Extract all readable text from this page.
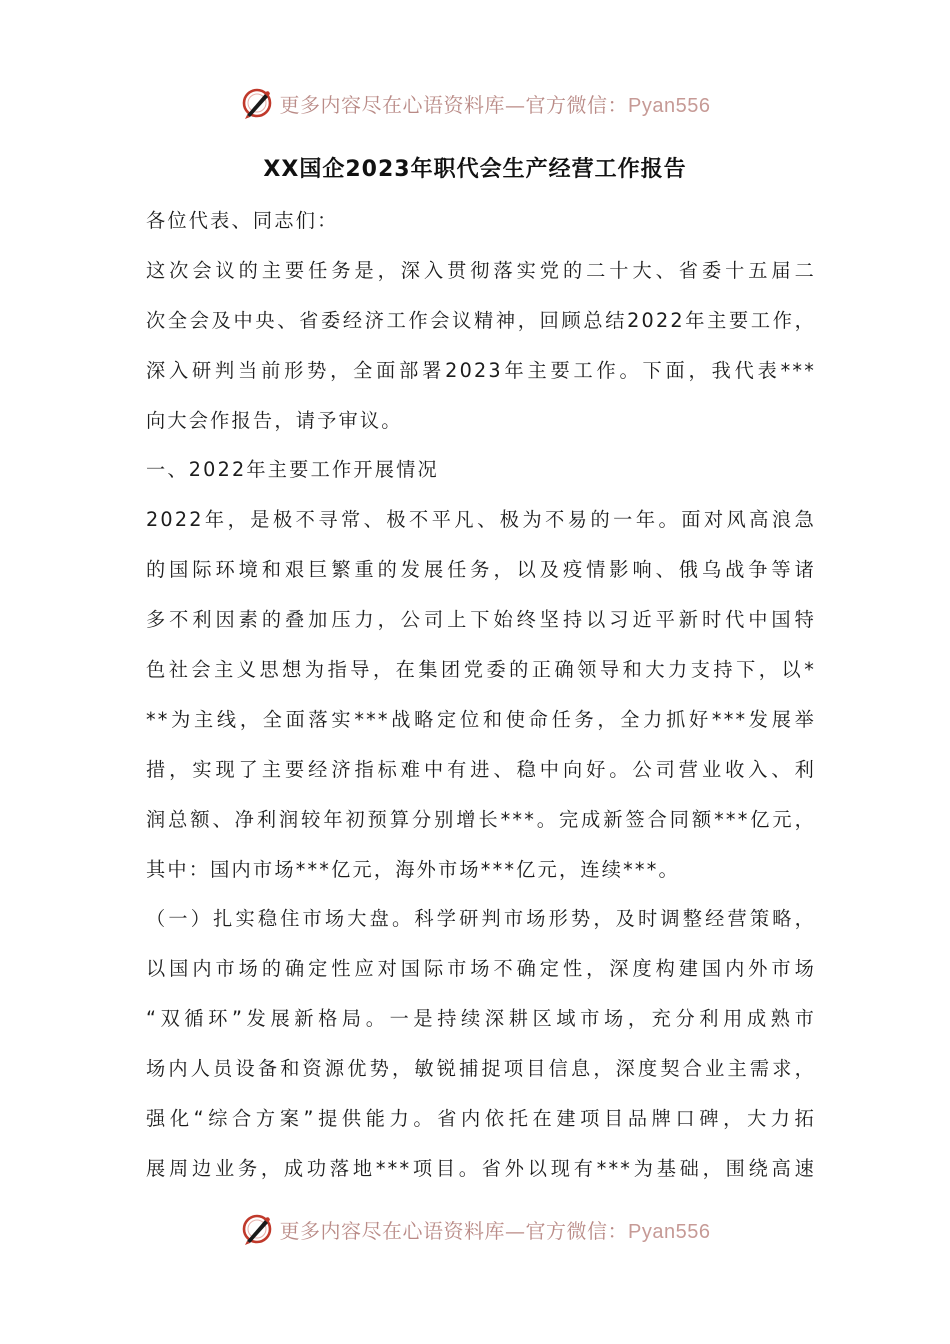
更多内容尽在心语资料库—官方微信：Pyan556
XX国企2023年职代会生产经营工作报告
各位代表、同志们：
这次会议的主要任务是，深入贯彻落实党的二十大、省委十五届二
次全会及中央、省委经济工作会议精神，回顾总结2022年主要工作，
深入研判当前形势，全面部署2023年主要工作。下面，我代表***
向大会作报告，请予审议。
一、2022年主要工作开展情况
2022年，是极不寻常、极不平凡、极为不易的一年。面对风高浪急
的国际环境和艰巨繁重的发展任务，以及疫情影响、俄乌战争等诸
多不利因素的叠加压力，公司上下始终坚持以习近平新时代中国特
色社会主义思想为指导，在集团党委的正确领导和大力支持下，以*
**为主线，全面落实***战略定位和使命任务，全力抓好***发展举
措，实现了主要经济指标难中有进、稳中向好。公司营业收入、利
润总额、净利润较年初预算分别增长***。完成新签合同额***亿元，
其中：国内市场***亿元，海外市场***亿元，连续***。
（一）扎实稳住市场大盘。科学研判市场形势，及时调整经营策略，
以国内市场的确定性应对国际市场不确定性，深度构建国内外市场
“双循环”发展新格局。一是持续深耕区域市场，充分利用成熟市
场内人员设备和资源优势，敏锐捕捉项目信息，深度契合业主需求，
强化“综合方案”提供能力。省内依托在建项目品牌口碑，大力拓
展周边业务，成功落地***项目。省外以现有***为基础，围绕高速
更多内容尽在心语资料库—官方微信：Pyan556
